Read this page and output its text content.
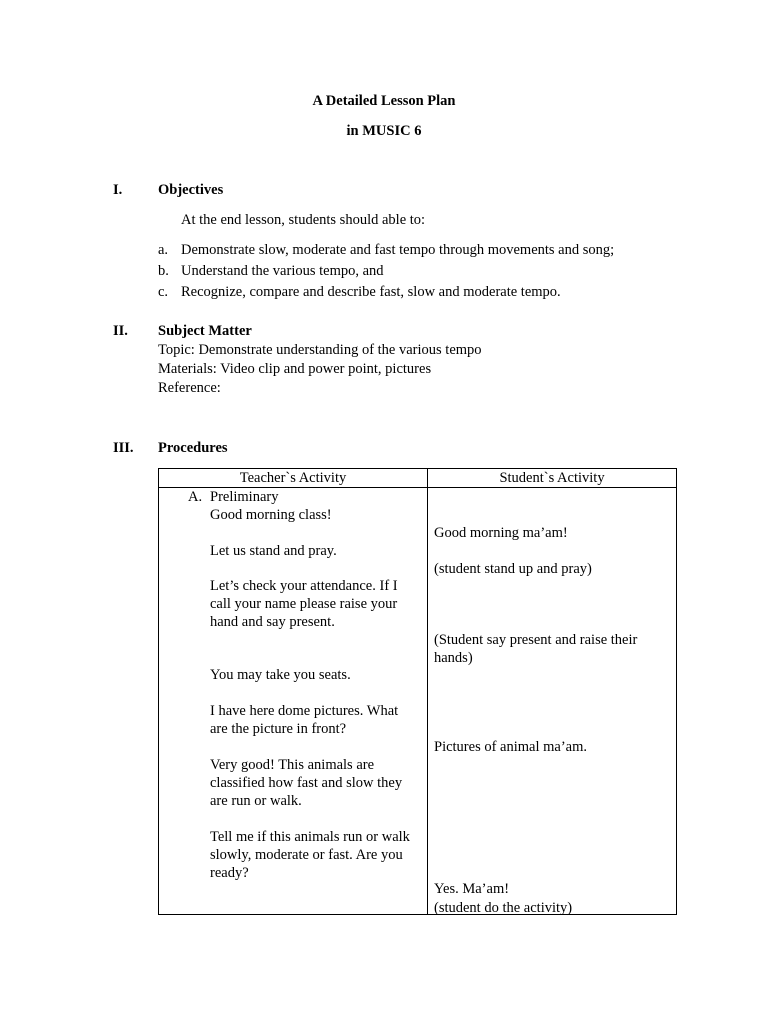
A Detailed Lesson Plan
in MUSIC 6
I. Objectives
At the end lesson, students should able to:
a. Demonstrate slow, moderate and fast tempo through movements and song;
b. Understand the various tempo, and
c. Recognize, compare and describe fast, slow and moderate tempo.
II. Subject Matter
Topic: Demonstrate understanding of the various tempo
Materials: Video clip and power point, pictures
Reference:
III. Procedures
Teacher`s Activity	Student`s Activity
A. Preliminary
Good morning class!
Let us stand and pray.
Let’s check your attendance. If I
call your name please raise your
hand and say present.
You may take you seats.
I have here dome pictures. What
are the picture in front?
Very good! This animals are
classified how fast and slow they
are run or walk.
Tell me if this animals run or walk
slowly, moderate or fast. Are you
ready?
Good morning ma’am!
(student stand up and pray)
(Student say present and raise their
hands)
Pictures of animal ma’am.
Yes. Ma’am!
(student do the activity)
